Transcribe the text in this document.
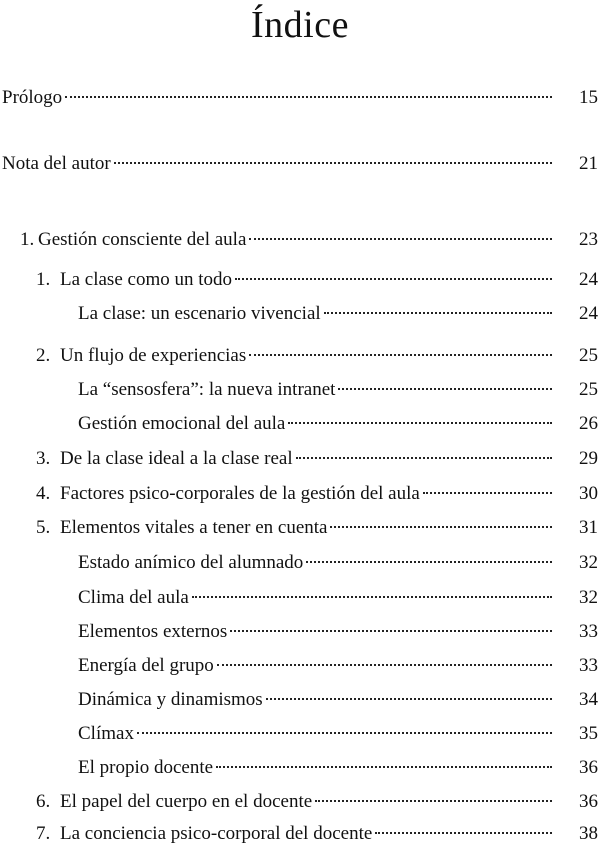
Índice
Prólogo	15
Nota del autor	21
1. Gestión consciente del aula	23
1. La clase como un todo	24
La clase: un escenario vivencial	24
2. Un flujo de experiencias	25
La “sensosfera”: la nueva intranet	25
Gestión emocional del aula	26
3. De la clase ideal a la clase real	29
4. Factores psico-corporales de la gestión del aula	30
5. Elementos vitales a tener en cuenta	31
Estado anímico del alumnado	32
Clima del aula	32
Elementos externos	33
Energía del grupo	33
Dinámica y dinamismos	34
Clímax	35
El propio docente	36
6. El papel del cuerpo en el docente	36
7. La conciencia psico-corporal del docente	38
